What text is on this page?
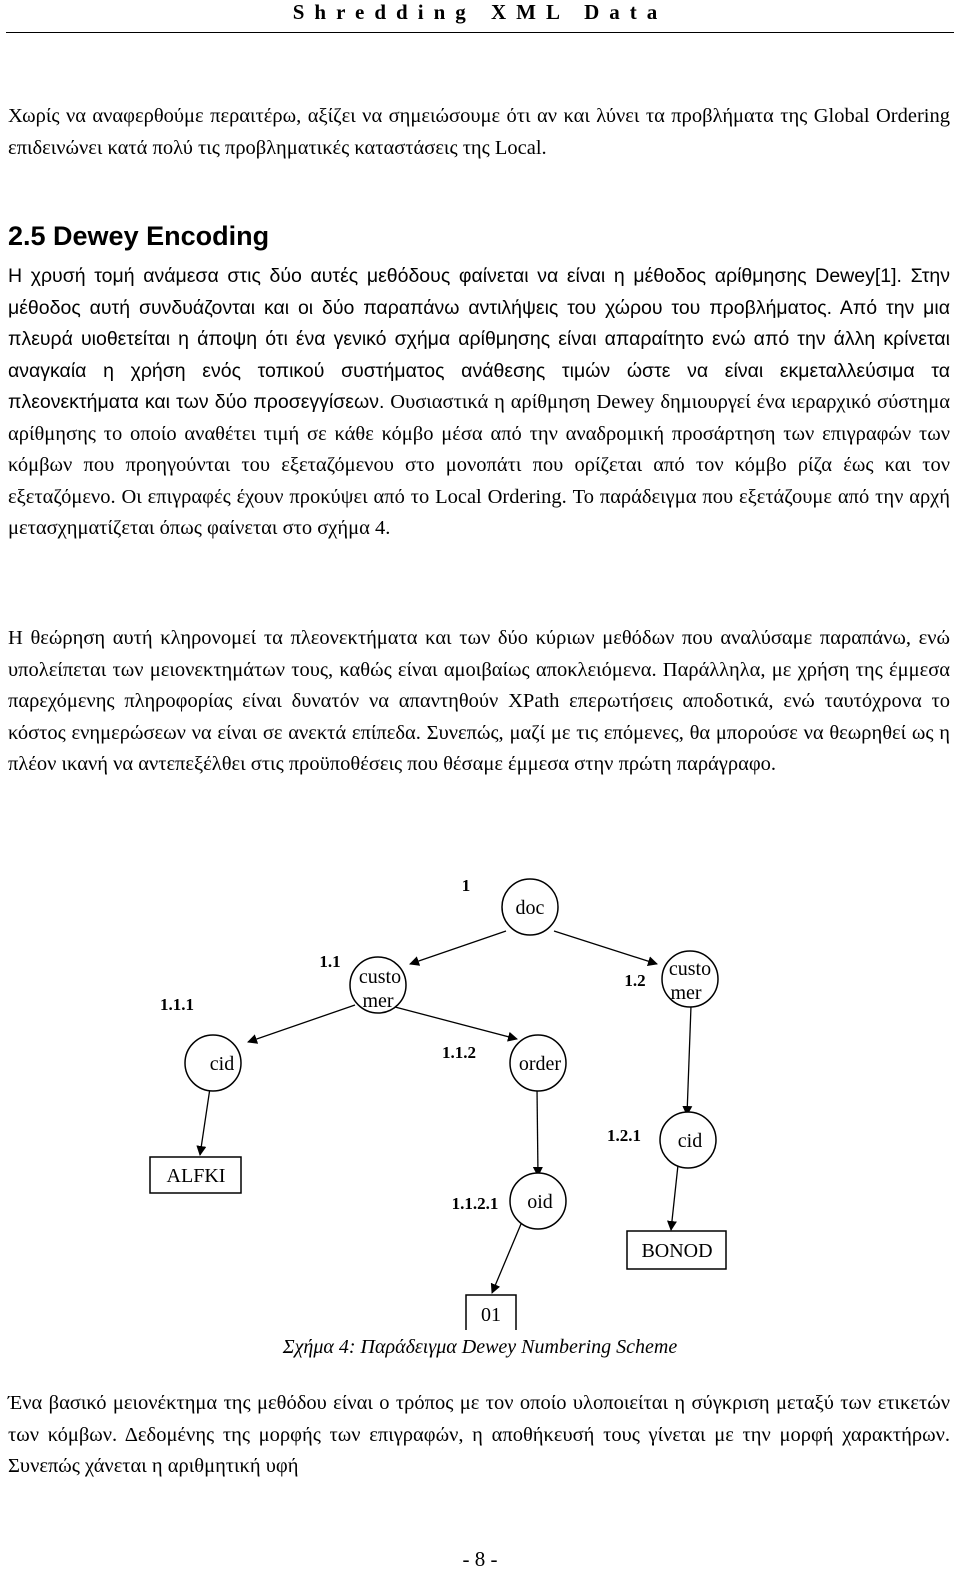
Shredding XML Data
Χωρίς να αναφερθούμε περαιτέρω, αξίζει να σημειώσουμε ότι αν και λύνει τα προβλήματα της Global Ordering επιδεινώνει κατά πολύ τις προβληματικές καταστάσεις της Local.
2.5 Dewey Encoding
Η χρυσή τομή ανάμεσα στις δύο αυτές μεθόδους φαίνεται να είναι η μέθοδος αρίθμησης Dewey[1]. Στην μέθοδος αυτή συνδυάζονται και οι δύο παραπάνω αντιλήψεις του χώρου του προβλήματος. Από την μια πλευρά υιοθετείται η άποψη ότι ένα γενικό σχήμα αρίθμησης είναι απαραίτητο ενώ από την άλλη κρίνεται αναγκαία η χρήση ενός τοπικού συστήματος ανάθεσης τιμών ώστε να είναι εκμεταλλεύσιμα τα πλεονεκτήματα και των δύο προσεγγίσεων. Ουσιαστικά η αρίθμηση Dewey δημιουργεί ένα ιεραρχικό σύστημα αρίθμησης το οποίο αναθέτει τιμή σε κάθε κόμβο μέσα από την αναδρομική προσάρτηση των επιγραφών των κόμβων που προηγούνται του εξεταζόμενου στο μονοπάτι που ορίζεται από τον κόμβο ρίζα έως και τον εξεταζόμενο. Οι επιγραφές έχουν προκύψει από το Local Ordering. Το παράδειγμα που εξετάζουμε από την αρχή μετασχηματίζεται όπως φαίνεται στο σχήμα 4.
Η θεώρηση αυτή κληρονομεί τα πλεονεκτήματα και των δύο κύριων μεθόδων που αναλύσαμε παραπάνω, ενώ υπολείπεται των μειονεκτημάτων τους, καθώς είναι αμοιβαίως αποκλειόμενα. Παράλληλα, με χρήση της έμμεσα παρεχόμενης πληροφορίας είναι δυνατόν να απαντηθούν XPath επερωτήσεις αποδοτικά, ενώ ταυτόχρονα το κόστος ενημερώσεων να είναι σε ανεκτά επίπεδα. Συνεπώς, μαζί με τις επόμενες, θα μπορούσε να θεωρηθεί ως η πλέον ικανή να αντεπεξέλθει στις προϋποθέσεις που θέσαμε έμμεσα στην πρώτη παράγραφο.
doc
custo
mer
custo
mer
cid	order
cid
oid
ALFKI
BONOD
01
1
1.1
1.2
1.1.1
1.1.2
1.2.1
1.1.2.1
Σχήμα 4: Παράδειγμα Dewey Numbering Scheme
Ένα βασικό μειονέκτημα της μεθόδου είναι ο τρόπος με τον οποίο υλοποιείται η σύγκριση μεταξύ των ετικετών των κόμβων. Δεδομένης της μορφής των επιγραφών, η αποθήκευσή τους γίνεται με την μορφή χαρακτήρων. Συνεπώς χάνεται η αριθμητική υφή
- 8 -
